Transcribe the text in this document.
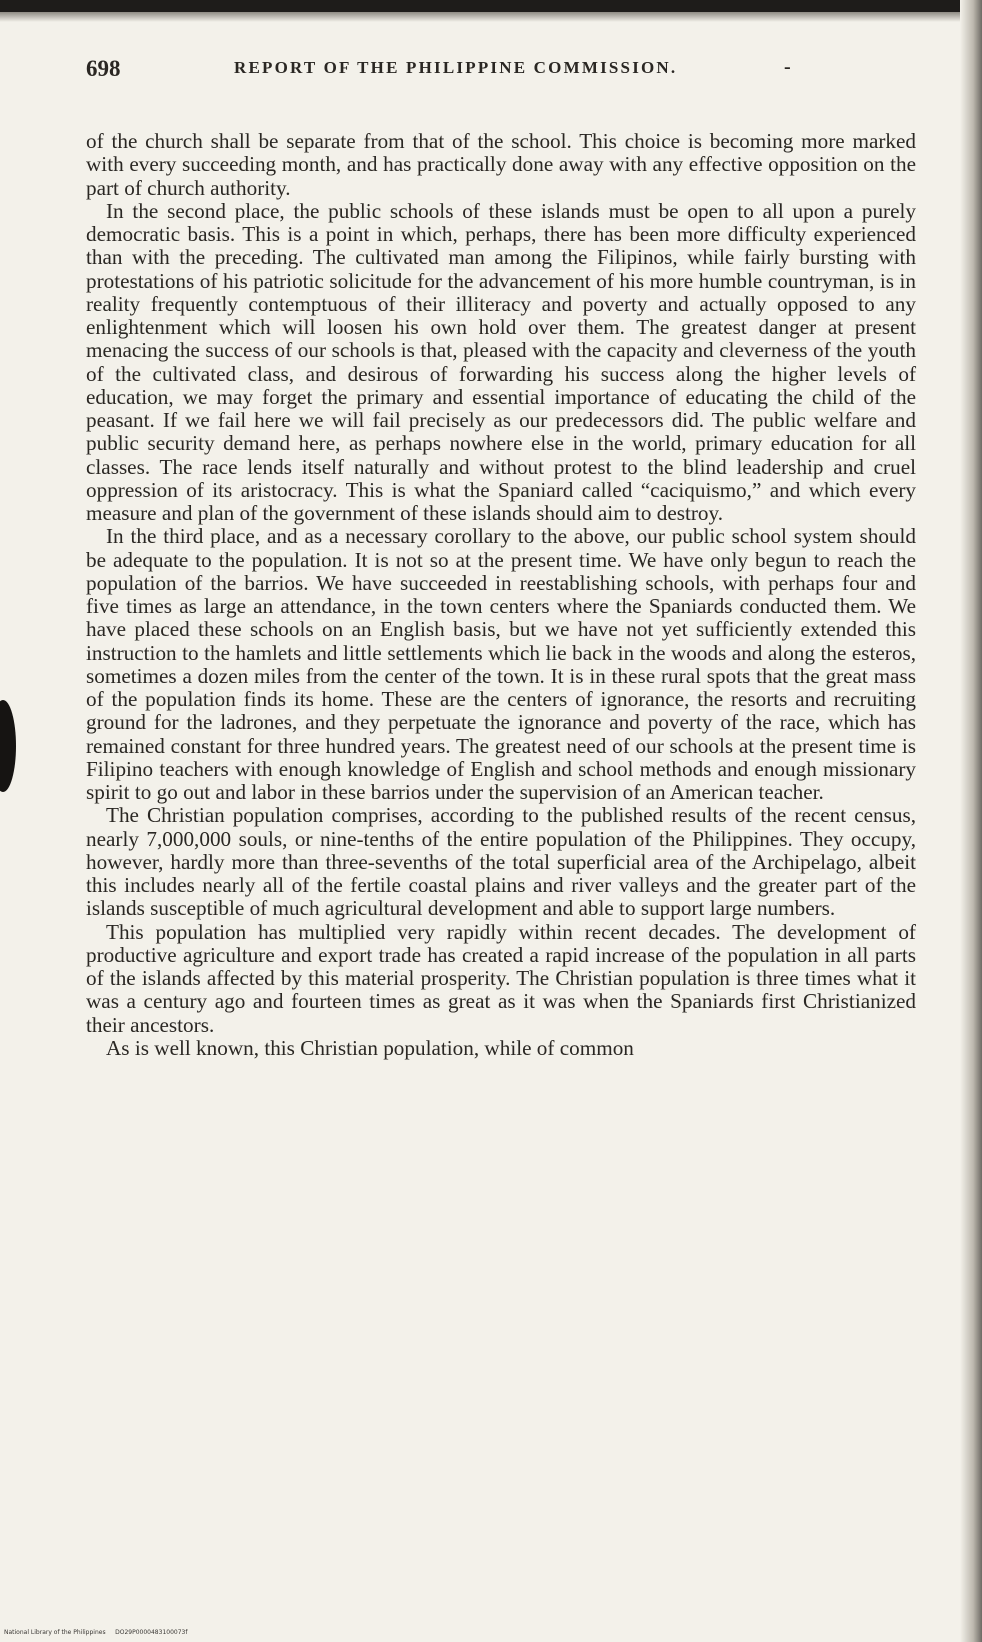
698	REPORT OF THE PHILIPPINE COMMISSION.	-

of the church shall be separate from that of the school. This choice is becoming more marked with every succeeding month, and has practically done away with any effective opposition on the part of church authority.

In the second place, the public schools of these islands must be open to all upon a purely democratic basis. This is a point in which, perhaps, there has been more difficulty experienced than with the preceding. The cultivated man among the Filipinos, while fairly bursting with protestations of his patriotic solicitude for the advancement of his more humble countryman, is in reality frequently contemptuous of their illiteracy and poverty and actually opposed to any enlightenment which will loosen his own hold over them. The greatest danger at present menacing the success of our schools is that, pleased with the capacity and cleverness of the youth of the cultivated class, and desirous of forwarding his success along the higher levels of education, we may forget the primary and essential importance of educating the child of the peasant. If we fail here we will fail precisely as our predecessors did. The public welfare and public security demand here, as perhaps nowhere else in the world, primary education for all classes. The race lends itself naturally and without protest to the blind leadership and cruel oppression of its aristocracy. This is what the Spaniard called “caciquismo,” and which every measure and plan of the government of these islands should aim to destroy.

In the third place, and as a necessary corollary to the above, our public school system should be adequate to the population. It is not so at the present time. We have only begun to reach the population of the barrios. We have succeeded in reestablishing schools, with perhaps four and five times as large an attendance, in the town centers where the Spaniards conducted them. We have placed these schools on an English basis, but we have not yet sufficiently extended this instruction to the hamlets and little settlements which lie back in the woods and along the esteros, sometimes a dozen miles from the center of the town. It is in these rural spots that the great mass of the population finds its home. These are the centers of ignorance, the resorts and recruiting ground for the ladrones, and they perpetuate the ignorance and poverty of the race, which has remained constant for three hundred years. The greatest need of our schools at the present time is Filipino teachers with enough knowledge of English and school methods and enough missionary spirit to go out and labor in these barrios under the supervision of an American teacher.

The Christian population comprises, according to the published results of the recent census, nearly 7,000,000 souls, or nine-tenths of the entire population of the Philippines. They occupy, however, hardly more than three-sevenths of the total superficial area of the Archipelago, albeit this includes nearly all of the fertile coastal plains and river valleys and the greater part of the islands susceptible of much agricultural development and able to support large numbers.

This population has multiplied very rapidly within recent decades. The development of productive agriculture and export trade has created a rapid increase of the population in all parts of the islands affected by this material prosperity. The Christian population is three times what it was a century ago and fourteen times as great as it was when the Spaniards first Christianized their ancestors.

As is well known, this Christian population, while of common

National Library of the Philippines DO29P0000483100073f
